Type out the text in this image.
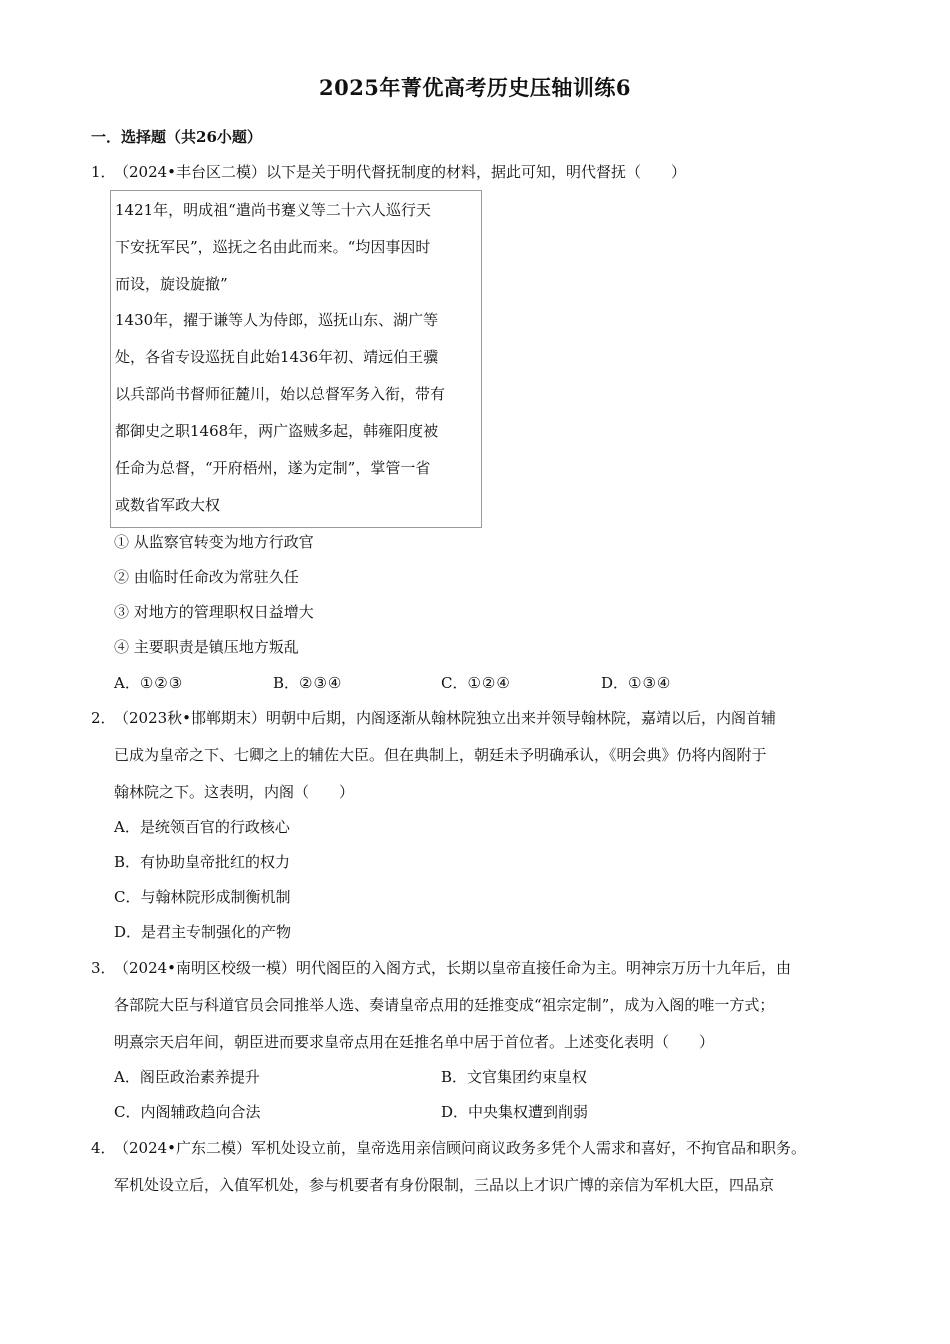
2025年菁优高考历史压轴训练6
一．选择题（共26小题）
1．
（2024•丰台区二模）以下是关于明代督抚制度的材料，据此可知，明代督抚（　　）
1421年，明成祖“遣尚书蹇义等二十六人巡行天
下安抚军民”，巡抚之名由此而来。“均因事因时
而设，旋设旋撤”
1430年，擢于谦等人为侍郎，巡抚山东、湖广等
处，各省专设巡抚自此始1436年初、靖远伯王骥
以兵部尚书督师征麓川，始以总督军务入衔，带有
都御史之职1468年，两广盗贼多起，韩雍阳度被
任命为总督，“开府梧州，遂为定制”，掌管一省
或数省军政大权
① 从监察官转变为地方行政官
② 由临时任命改为常驻久任
③ 对地方的管理职权日益增大
④ 主要职责是镇压地方叛乱
A．①②③	B．②③④	C．①②④	D．①③④
2．
（2023秋•邯郸期末）明朝中后期，内阁逐渐从翰林院独立出来并领导翰林院，嘉靖以后，内阁首辅
已成为皇帝之下、七卿之上的辅佐大臣。但在典制上，朝廷未予明确承认，《明会典》仍将内阁附于
翰林院之下。这表明，内阁（　　）
A．是统领百官的行政核心
B．有协助皇帝批红的权力
C．与翰林院形成制衡机制
D．是君主专制强化的产物
3．
（2024•南明区校级一模）明代阁臣的入阁方式，长期以皇帝直接任命为主。明神宗万历十九年后，由
各部院大臣与科道官员会同推举人选、奏请皇帝点用的廷推变成“祖宗定制”，成为入阁的唯一方式；
明熹宗天启年间，朝臣进而要求皇帝点用在廷推名单中居于首位者。上述变化表明（　　）
A．阁臣政治素养提升	B．文官集团约束皇权
C．内阁辅政趋向合法	D．中央集权遭到削弱
4．
（2024•广东二模）军机处设立前，皇帝选用亲信顾问商议政务多凭个人需求和喜好，不拘官品和职务。
军机处设立后，入值军机处，参与机要者有身份限制，三品以上才识广博的亲信为军机大臣，四品京
